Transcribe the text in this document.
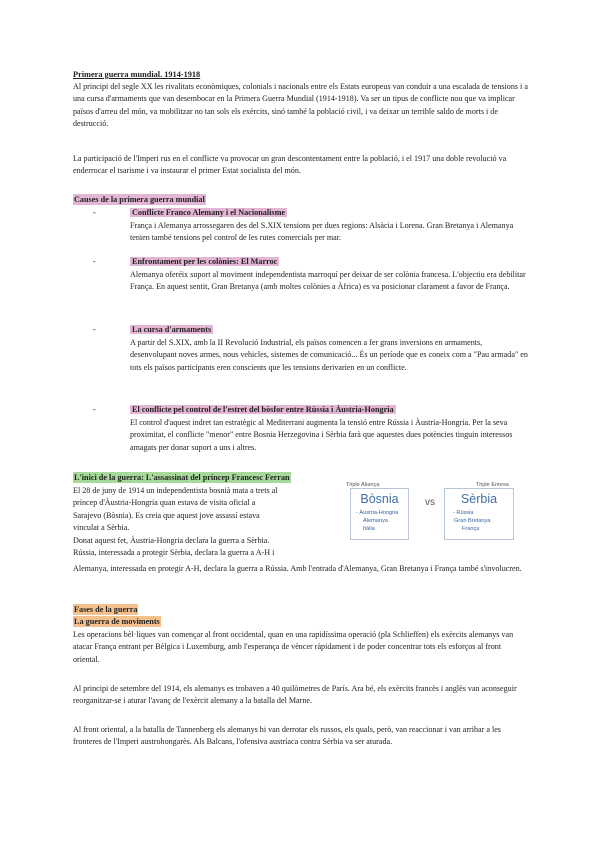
Primera guerra mundial. 1914-1918

Al principi del segle XX les rivalitats econòmiques, colonials i nacionals entre els Estats europeus van conduir a una escalada de tensions i a una cursa d'armaments que van desembocar en la Primera Guerra Mundial (1914-1918). Va ser un tipus de conflicte nou que va implicar països d'arreu del món, va mobilitzar no tan sols els exèrcits, sinó també la població civil, i va deixar un terrible saldo de morts i de destrucció.

La participació de l'Imperi rus en el conflicte va provocar un gran descontentament entre la població, i el 1917 una doble revolució va enderrocar el tsarisme i va instaurar el primer Estat socialista del món.

Causes de la primera guerra mundial
-	Conflicte Franco Alemany i el Nacionalisme

França i Alemanya arrossegaren des del S.XIX tensions per dues regions: Alsàcia i Lorena. Gran Bretanya i Alemanya tenien també tensions pel control de les rutes comercials per mar.

-	Enfrontament per les colònies: El Marroc

Alemanya oferéix suport al moviment independentista marroquí per deixar de ser colònia francesa. L'objectiu era debilitar França. En aquest sentit, Gran Bretanya (amb moltes colònies a Àfrica) es va posicionar clarament a favor de França.

-	La cursa d'armaments

A partir del S.XIX, amb la II Revolució Industrial, els països comencen a fer grans inversions en armaments, desenvolupant noves armes, nous vehicles, sistemes de comunicació... És un període que es coneix com a "Pau armada" en tots els països participants eren conscients que les tensions derivarien en un conflicte.

-	El conflicte pel control de l'estret del bòsfor entre Rússia i Àustria-Hongria

El control d'aquest indret tan estratègic al Mediterrani augmenta la tensió entre Rússia i Àustria-Hongria. Per la seva proximitat, el conflicte "menor" entre Bosnia Herzegovina i Sèrbia farà que aquestes dues potències tinguin interessos amagats per donar suport a uns i altres.

L'inici de la guerra: L'assassinat del príncep Francesc Ferran
El 28 de juny de 1914 un independentista bosnià mata a trets al
príncep d'Àustria-Hongria quan estava de visita oficial a
Sarajevo (Bòsnia). Es creia que aquest jove assassí estava
vinculat a Sèrbia.
Donat aquest fet, Àustria-Hongria declara la guerra a Sèrbia.
Rússia, interessada a protegir Sèrbia, declara la guerra a A-H i

Alemanya, interessada en protegir A-H, declara la guerra a Rússia. Amb l'entrada d'Alemanya, Gran Bretanya i França també s'involucren.

Triple Aliança	Triple Entesa
Bòsnia
- Àustria-Hongria
Alemanya
Itàlia
vs	Sèrbia
- Rússia
Gran Bretanya
França
Fases de la guerra
La guerra de moviments

Les operacions bèl·liques van començar al front occidental, quan en una rapidíssima operació (pla Schlieffen) els exèrcits alemanys van atacar França entrant per Bèlgica i Luxemburg, amb l'esperança de vèncer ràpidament i de poder concentrar tots els esforços al front oriental.

Al principi de setembre del 1914, els alemanys es trobaven a 40 quilòmetres de París. Ara bé, els exèrcits francès i anglès van aconseguir reorganitzar-se i aturar l'avanç de l'exèrcit alemany a la batalla del Marne.

Al front oriental, a la batalla de Tannenberg els alemanys hi van derrotar els russos, els quals, però, van reaccionar i van arribar a les fronteres de l'Imperi austrohongarès. Als Balcans, l'ofensiva austríaca contra Sèrbia va ser aturada.
